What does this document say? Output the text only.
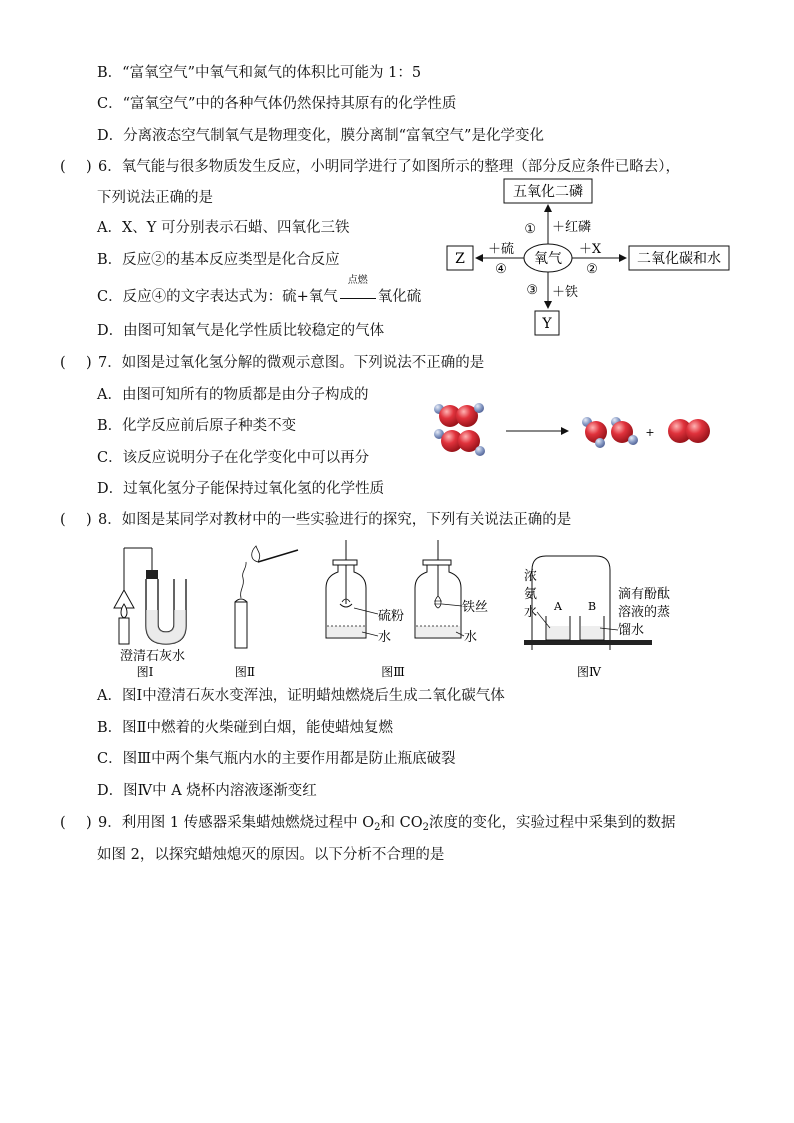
B．“富氧空气”中氧气和氮气的体积比可能为 1：5
C．“富氧空气”中的各种气体仍然保持其原有的化学性质
D．分离液态空气制氧气是物理变化，膜分离制“富氧空气”是化学变化
( ) 6．氧气能与很多物质发生反应，小明同学进行了如图所示的整理（部分反应条件已略去），
下列说法正确的是
A．X、Y 可分别表示石蜡、四氧化三铁
B．反应②的基本反应类型是化合反应
C．反应④的文字表达式为：硫+氧气
点燃
氧化硫
D．由图可知氧气是化学性质比较稳定的气体
五氧化二磷
氧气
① ＋红磷
＋X
②
二氧化碳和水
③ ＋铁
Y
＋硫
④
Z
( ) 7．如图是过氧化氢分解的微观示意图。下列说法不正确的是
A．由图可知所有的物质都是由分子构成的
B．化学反应前后原子种类不变
C．该反应说明分子在化学变化中可以再分
D．过氧化氢分子能保持过氧化氢的化学性质
+
( ) 8．如图是某同学对教材中的一些实验进行的探究，下列有关说法正确的是
澄清石灰水
图Ⅰ	图Ⅱ
硫粉
水
铁丝
水
图Ⅲ
A B
浓
氨
水
滴有酚酞
溶液的蒸
馏水
图Ⅳ
A．图Ⅰ中澄清石灰水变浑浊，证明蜡烛燃烧后生成二氧化碳气体
B．图Ⅱ中燃着的火柴碰到白烟，能使蜡烛复燃
C．图Ⅲ中两个集气瓶内水的主要作用都是防止瓶底破裂
D．图Ⅳ中 A 烧杯内溶液逐渐变红
( ) 9．利用图 1 传感器采集蜡烛燃烧过程中 $O_2$和 $CO_2$浓度的变化，实验过程中采集到的数据
如图 2，以探究蜡烛熄灭的原因。以下分析不合理的是
